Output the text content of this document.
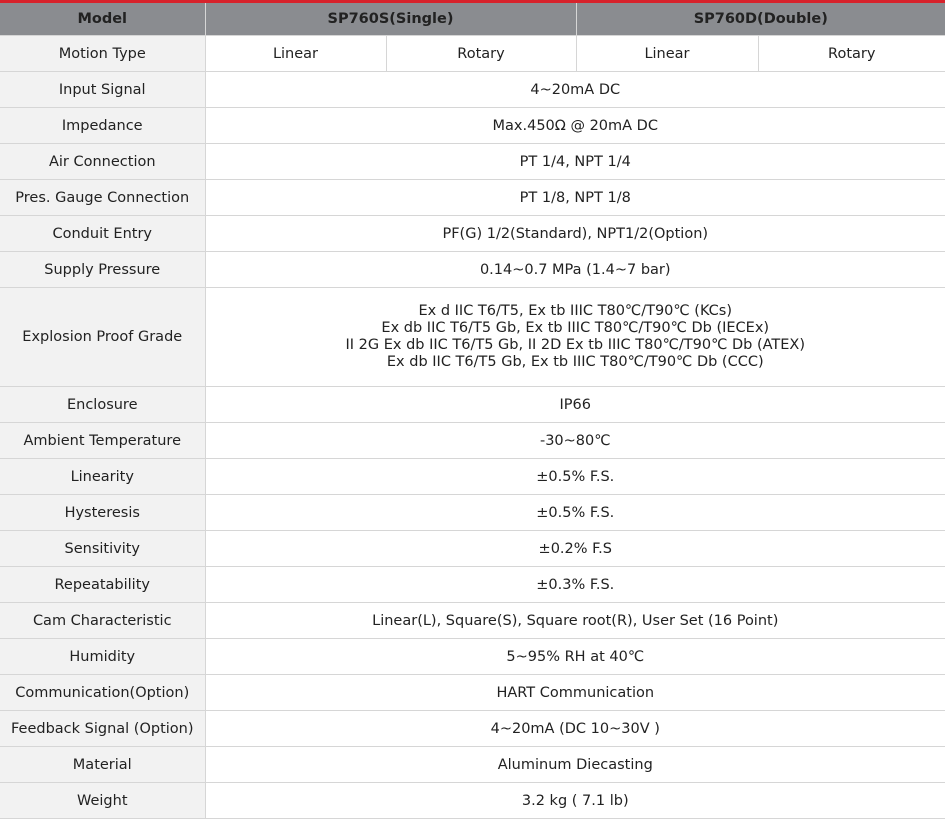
Model	SP760S(Single)		SP760D(Double)	
Motion Type	Linear	Rotary	Linear	Rotary
Input Signal	4~20mA DC			
Impedance	Max.450Ω @ 20mA DC			
Air Connection	PT 1/4, NPT 1/4			
Pres. Gauge Connection	PT 1/8, NPT 1/8			
Conduit Entry	PF(G) 1/2(Standard), NPT1/2(Option)			
Supply Pressure	0.14~0.7 MPa (1.4~7 bar)			
Explosion Proof Grade	Ex d IIC T6/T5, Ex tb IIIC T80℃/T90℃ (KCs)
Ex db IIC T6/T5 Gb, Ex tb IIIC T80℃/T90℃ Db (IECEx)
II 2G Ex db IIC T6/T5 Gb, II 2D Ex tb IIIC T80℃/T90℃ Db (ATEX)
Ex db IIC T6/T5 Gb, Ex tb IIIC T80℃/T90℃ Db (CCC)			

Enclosure	IP66			
Ambient Temperature	-30~80℃			
Linearity	±0.5% F.S.			
Hysteresis	±0.5% F.S.			
Sensitivity	±0.2% F.S			
Repeatability	±0.3% F.S.			
Cam Characteristic	Linear(L), Square(S), Square root(R), User Set (16 Point)			
Humidity	5~95% RH at 40℃			
Communication(Option)	HART Communication			
Feedback Signal (Option)	4~20mA (DC 10~30V )			
Material	Aluminum Diecasting			
Weight	3.2 kg ( 7.1 lb)			
